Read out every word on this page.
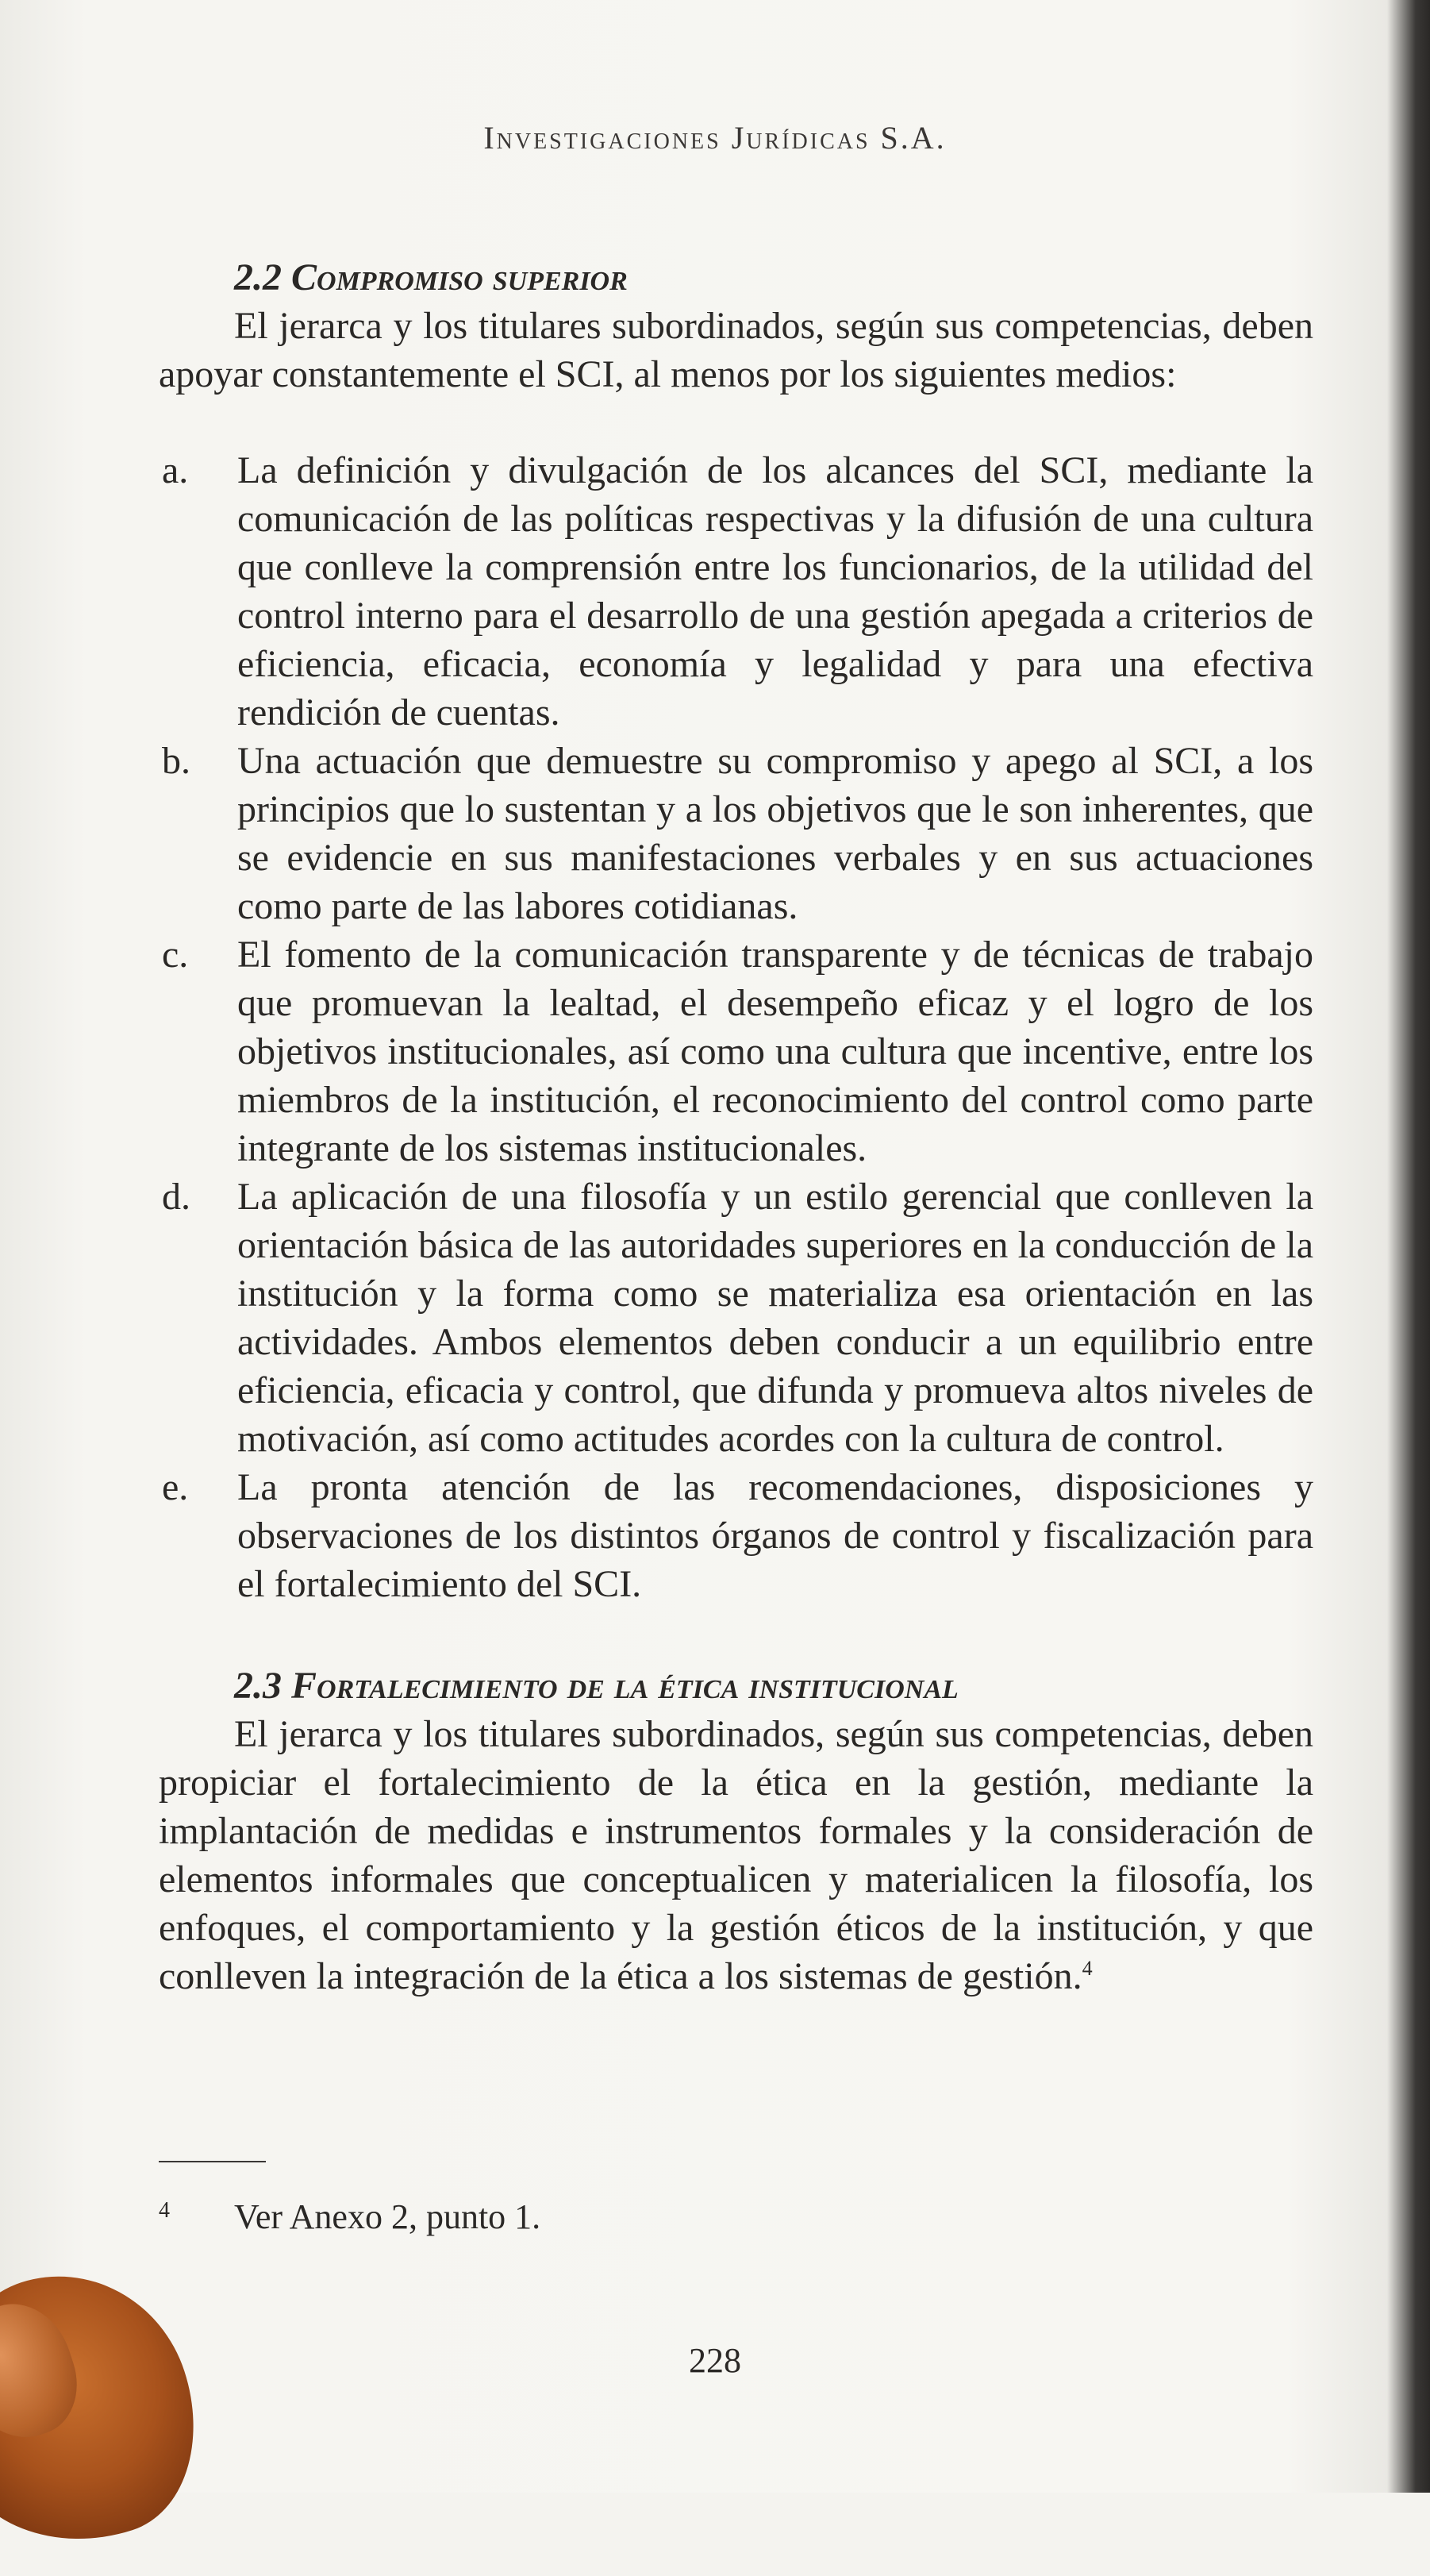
Investigaciones Jurídicas S.A.
2.2 Compromiso superior

El jerarca y los titulares subordinados, según sus competencias, deben apoyar constantemente el SCI, al menos por los siguientes medios:

a.	La definición y divulgación de los alcances del SCI, mediante la comunicación de las políticas respectivas y la difusión de una cultura que conlleve la comprensión entre los funcionarios, de la utilidad del control interno para el desarrollo de una gestión apegada a criterios de eficiencia, eficacia, economía y legalidad y para una efectiva rendición de cuentas.
b.	Una actuación que demuestre su compromiso y apego al SCI, a los principios que lo sustentan y a los objetivos que le son inherentes, que se evidencie en sus manifestaciones verbales y en sus actuaciones como parte de las labores cotidianas.
c.	El fomento de la comunicación transparente y de técnicas de trabajo que promuevan la lealtad, el desempeño eficaz y el logro de los objetivos institucionales, así como una cultura que incentive, entre los miembros de la institución, el reconocimiento del control como parte integrante de los sistemas institucionales.
d.	La aplicación de una filosofía y un estilo gerencial que conlleven la orientación básica de las autoridades superiores en la conducción de la institución y la forma como se materializa esa orientación en las actividades. Ambos elementos deben conducir a un equilibrio entre eficiencia, eficacia y control, que difunda y promueva altos niveles de motivación, así como actitudes acordes con la cultura de control.
e.	La pronta atención de las recomendaciones, disposiciones y observaciones de los distintos órganos de control y fiscalización para el fortalecimiento del SCI.
2.3 Fortalecimiento de la ética institucional

El jerarca y los titulares subordinados, según sus competencias, deben propiciar el fortalecimiento de la ética en la gestión, mediante la implantación de medidas e instrumentos formales y la consideración de elementos informales que conceptualicen y materialicen la filosofía, los enfoques, el comportamiento y la gestión éticos de la institución, y que conlleven la integración de la ética a los sistemas de gestión.$^4$

4	Ver Anexo 2, punto 1.
228
